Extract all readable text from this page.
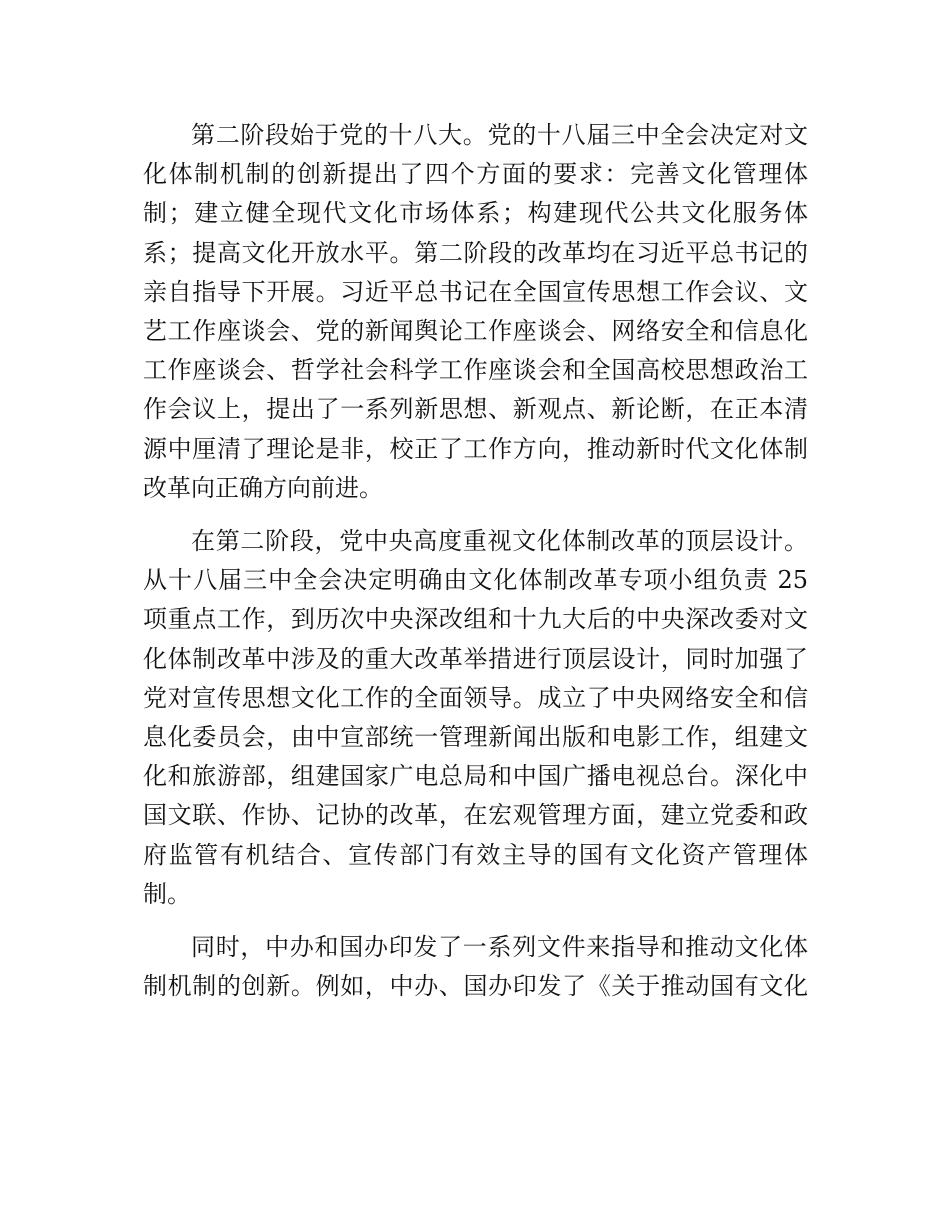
第二阶段始于党的十八大。党的十八届三中全会决定对文
化体制机制的创新提出了四个方面的要求：完善文化管理体
制；建立健全现代文化市场体系；构建现代公共文化服务体
系；提高文化开放水平。第二阶段的改革均在习近平总书记的
亲自指导下开展。习近平总书记在全国宣传思想工作会议、文
艺工作座谈会、党的新闻舆论工作座谈会、网络安全和信息化
工作座谈会、哲学社会科学工作座谈会和全国高校思想政治工
作会议上，提出了一系列新思想、新观点、新论断，在正本清
源中厘清了理论是非，校正了工作方向，推动新时代文化体制
改革向正确方向前进。
在第二阶段，党中央高度重视文化体制改革的顶层设计。
从十八届三中全会决定明确由文化体制改革专项小组负责 25
项重点工作，到历次中央深改组和十九大后的中央深改委对文
化体制改革中涉及的重大改革举措进行顶层设计，同时加强了
党对宣传思想文化工作的全面领导。成立了中央网络安全和信
息化委员会，由中宣部统一管理新闻出版和电影工作，组建文
化和旅游部，组建国家广电总局和中国广播电视总台。深化中
国文联、作协、记协的改革，在宏观管理方面，建立党委和政
府监管有机结合、宣传部门有效主导的国有文化资产管理体
制。
同时，中办和国办印发了一系列文件来指导和推动文化体
制机制的创新。例如，中办、国办印发了《关于推动国有文化
